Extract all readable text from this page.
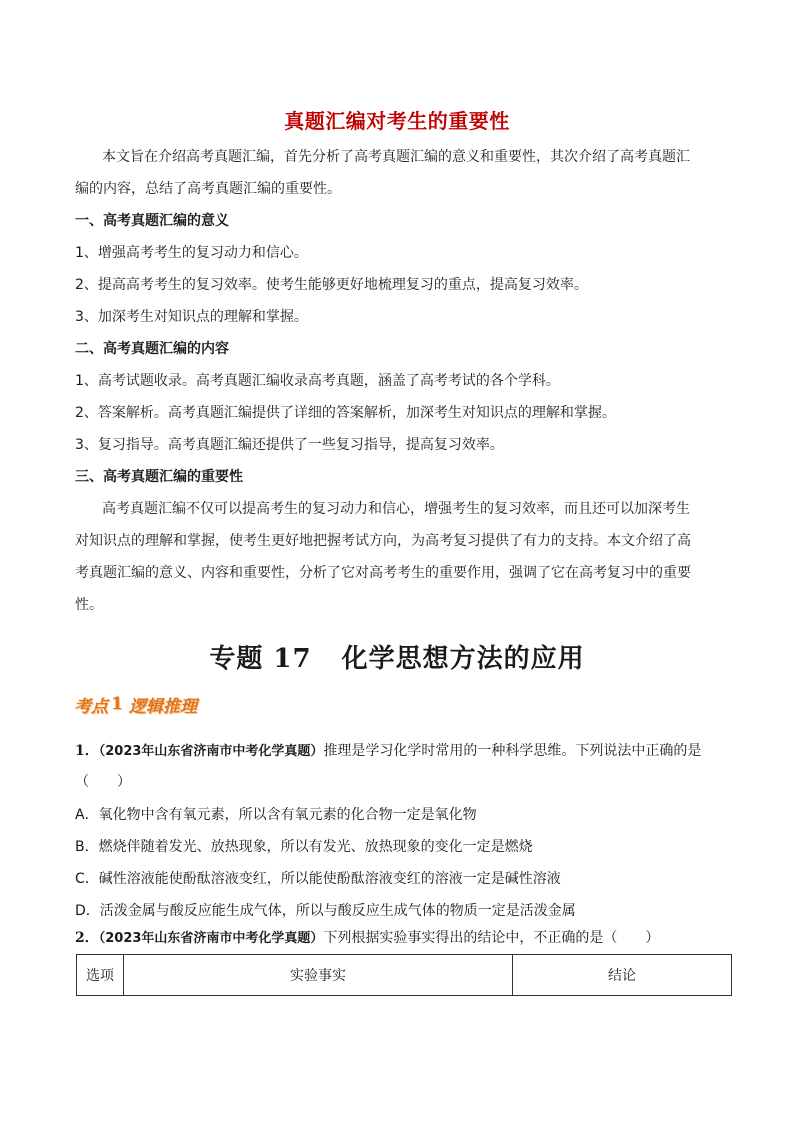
真题汇编对考生的重要性
本文旨在介绍高考真题汇编，首先分析了高考真题汇编的意义和重要性，其次介绍了高考真题汇
编的内容，总结了高考真题汇编的重要性。
一、高考真题汇编的意义
1、增强高考考生的复习动力和信心。
2、提高高考考生的复习效率。使考生能够更好地梳理复习的重点，提高复习效率。
3、加深考生对知识点的理解和掌握。
二、高考真题汇编的内容
1、高考试题收录。高考真题汇编收录高考真题，涵盖了高考考试的各个学科。
2、答案解析。高考真题汇编提供了详细的答案解析，加深考生对知识点的理解和掌握。
3、复习指导。高考真题汇编还提供了一些复习指导，提高复习效率。
三、高考真题汇编的重要性
高考真题汇编不仅可以提高考生的复习动力和信心，增强考生的复习效率，而且还可以加深考生
对知识点的理解和掌握，使考生更好地把握考试方向，为高考复习提供了有力的支持。本文介绍了高
考真题汇编的意义、内容和重要性，分析了它对高考考生的重要作用，强调了它在高考复习中的重要
性。
专题 17 化学思想方法的应用
考点 1 逻辑推理
1．（2023年山东省济南市中考化学真题）推理是学习化学时常用的一种科学思维。下列说法中正确的是
（　　）
A．氧化物中含有氧元素，所以含有氧元素的化合物一定是氧化物
B．燃烧伴随着发光、放热现象，所以有发光、放热现象的变化一定是燃烧
C．碱性溶液能使酚酞溶液变红，所以能使酚酞溶液变红的溶液一定是碱性溶液
D．活泼金属与酸反应能生成气体，所以与酸反应生成气体的物质一定是活泼金属
2．（2023年山东省济南市中考化学真题）下列根据实验事实得出的结论中，不正确的是（　　）
选项	实验事实	结论
